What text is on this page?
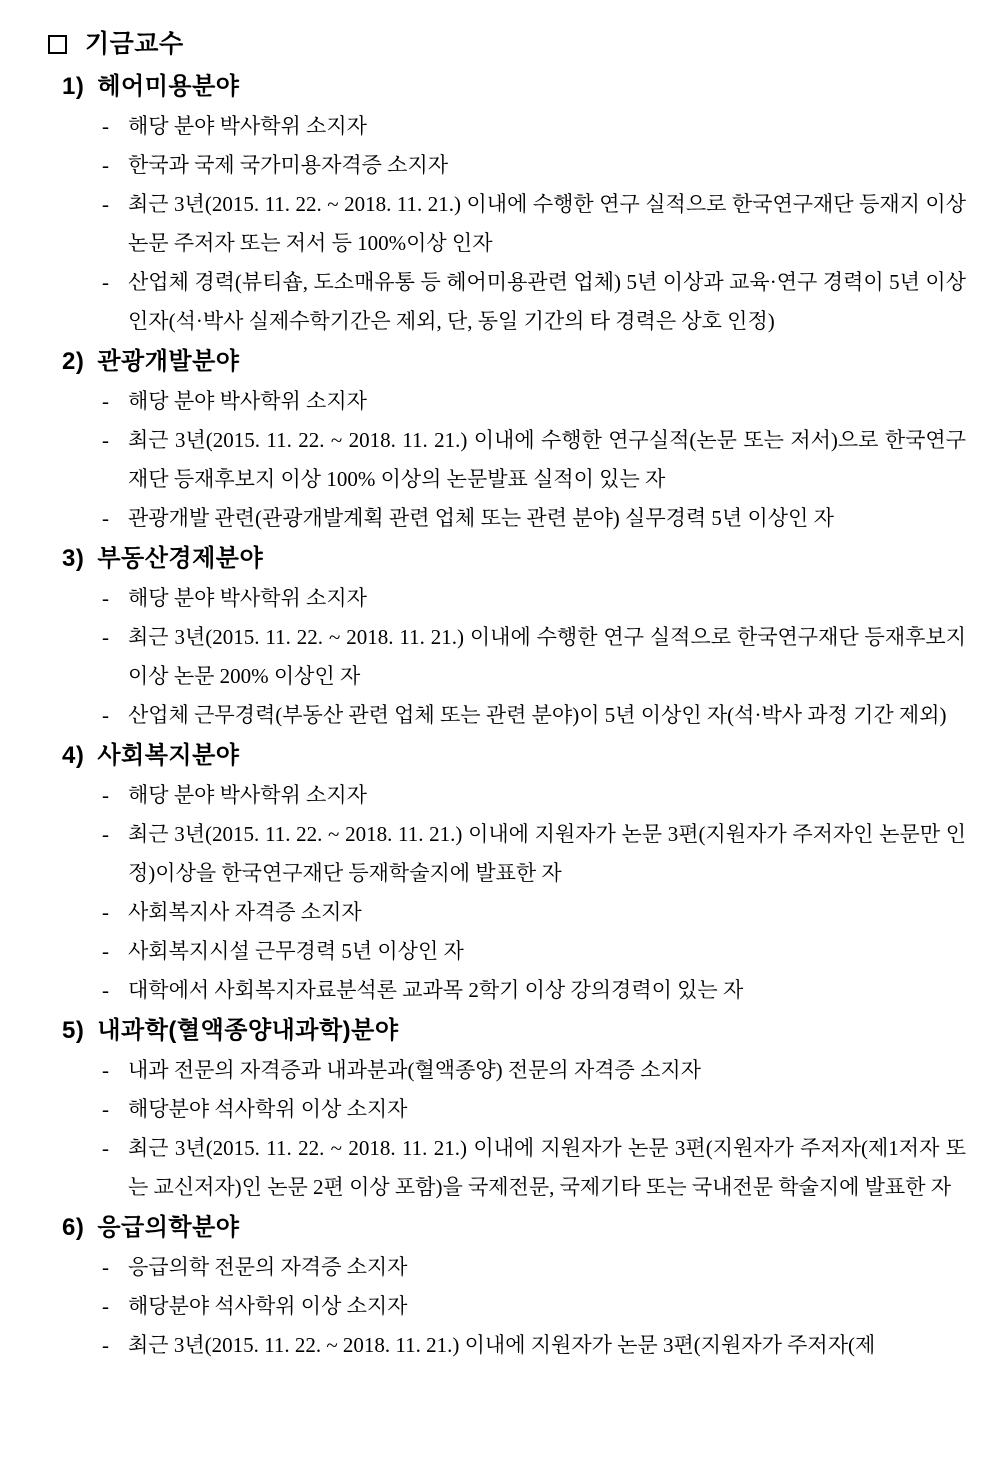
기금교수
1) 헤어미용분야
- 해당 분야 박사학위 소지자
- 한국과 국제 국가미용자격증 소지자
- 최근 3년(2015. 11. 22. ~ 2018. 11. 21.) 이내에 수행한 연구 실적으로 한국연구재단 등재지 이상 논문 주저자 또는 저서 등 100%이상 인자
- 산업체 경력(뷰티숍, 도소매유통 등 헤어미용관련 업체) 5년 이상과 교육·연구 경력이 5년 이상인자(석·박사 실제수학기간은 제외, 단, 동일 기간의 타 경력은 상호 인정)
2) 관광개발분야
- 해당 분야 박사학위 소지자
- 최근 3년(2015. 11. 22. ~ 2018. 11. 21.) 이내에 수행한 연구실적(논문 또는 저서)으로 한국연구재단 등재후보지 이상 100% 이상의 논문발표 실적이 있는 자
- 관광개발 관련(관광개발계획 관련 업체 또는 관련 분야) 실무경력 5년 이상인 자
3) 부동산경제분야
- 해당 분야 박사학위 소지자
- 최근 3년(2015. 11. 22. ~ 2018. 11. 21.) 이내에 수행한 연구 실적으로 한국연구재단 등재후보지 이상 논문 200% 이상인 자
- 산업체 근무경력(부동산 관련 업체 또는 관련 분야)이 5년 이상인 자(석·박사 과정 기간 제외)
4) 사회복지분야
- 해당 분야 박사학위 소지자
- 최근 3년(2015. 11. 22. ~ 2018. 11. 21.) 이내에 지원자가 논문 3편(지원자가 주저자인 논문만 인정)이상을 한국연구재단 등재학술지에 발표한 자
- 사회복지사 자격증 소지자
- 사회복지시설 근무경력 5년 이상인 자
- 대학에서 사회복지자료분석론 교과목 2학기 이상 강의경력이 있는 자
5) 내과학(혈액종양내과학)분야
- 내과 전문의 자격증과 내과분과(혈액종양) 전문의 자격증 소지자
- 해당분야 석사학위 이상 소지자
- 최근 3년(2015. 11. 22. ~ 2018. 11. 21.) 이내에 지원자가 논문 3편(지원자가 주저자(제1저자 또는 교신저자)인 논문 2편 이상 포함)을 국제전문, 국제기타 또는 국내전문 학술지에 발표한 자
6) 응급의학분야
- 응급의학 전문의 자격증 소지자
- 해당분야 석사학위 이상 소지자
- 최근 3년(2015. 11. 22. ~ 2018. 11. 21.) 이내에 지원자가 논문 3편(지원자가 주저자(제
